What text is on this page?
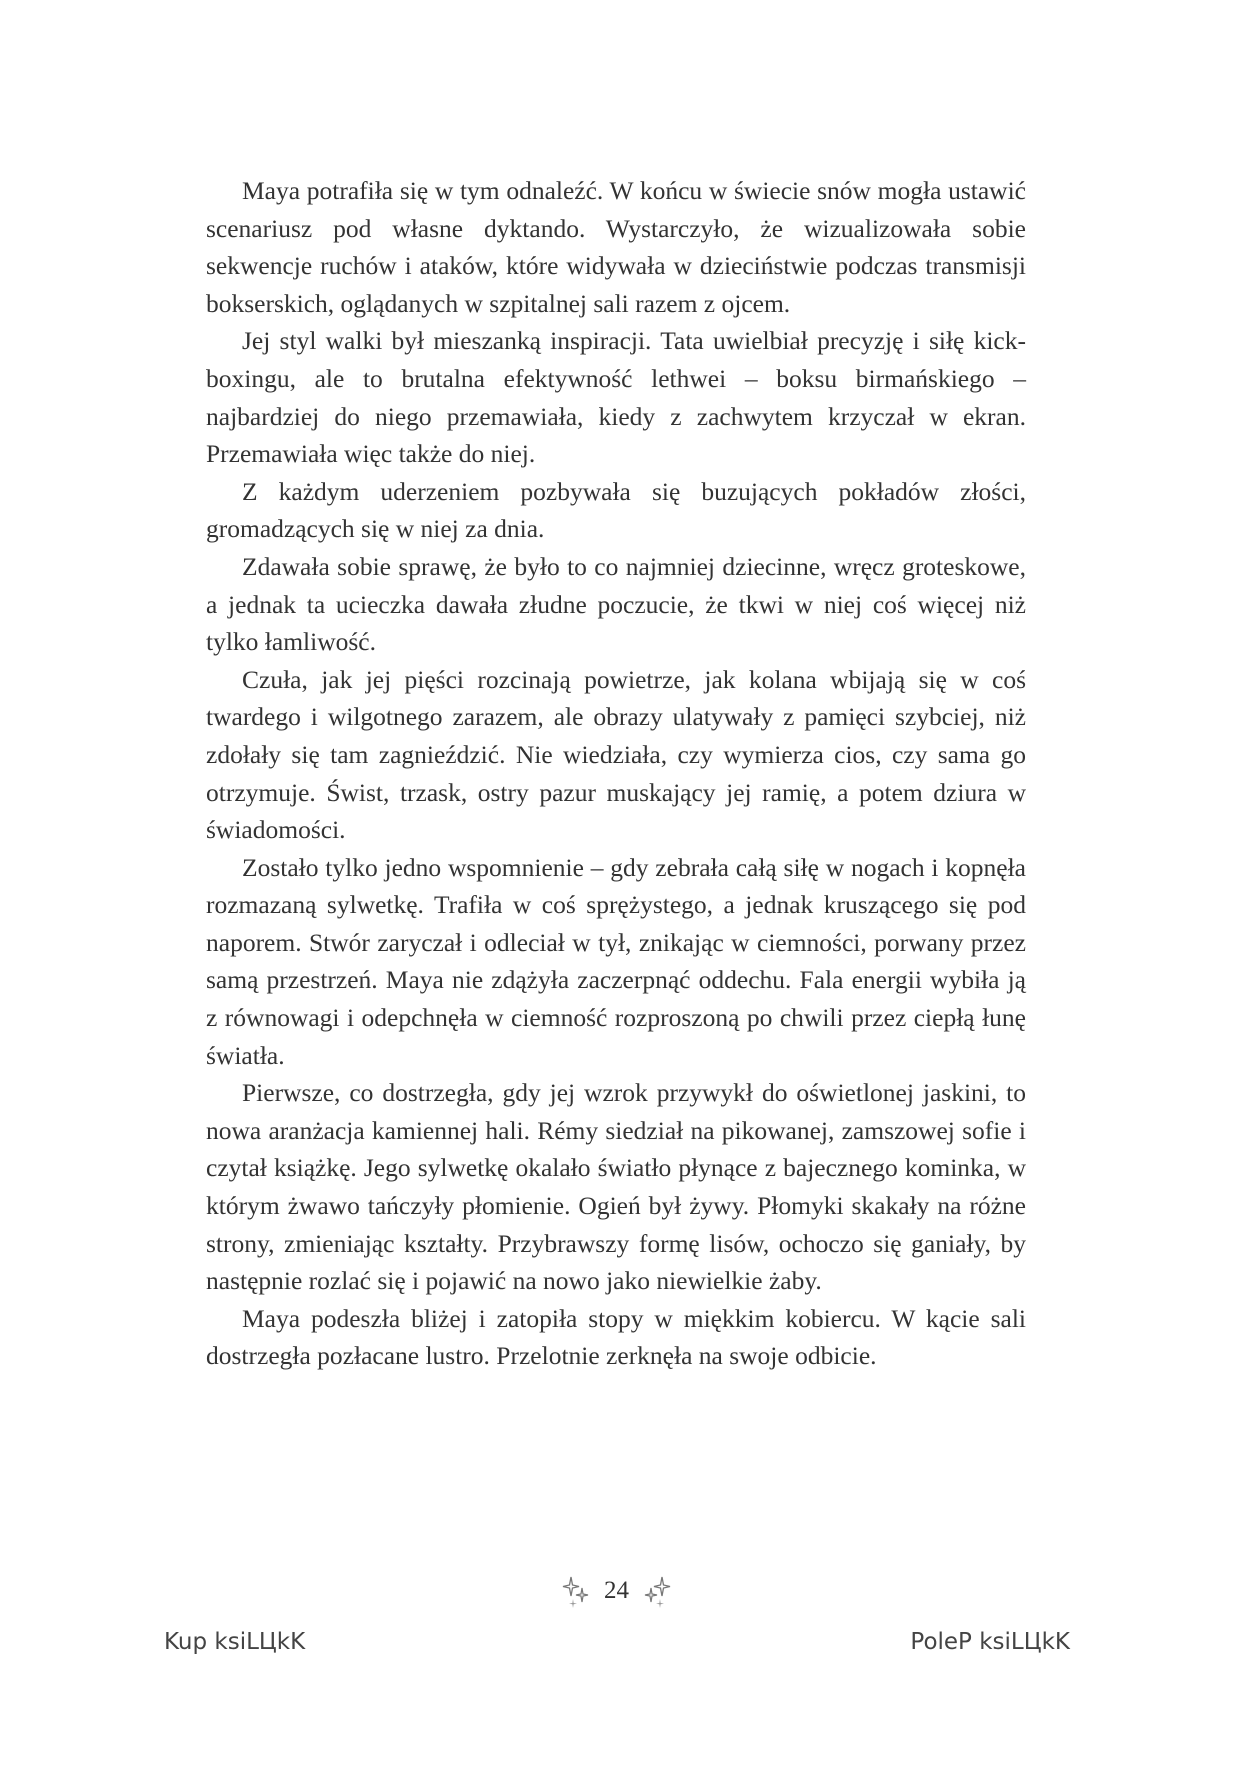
Maya potrafiła się w tym odnaleźć. W końcu w świecie snów mogła ustawić scenariusz pod własne dyktando. Wystarczyło, że wizualizowała sobie sekwencje ruchów i ataków, które widywała w dzieciństwie podczas transmisji bokserskich, oglądanych w szpitalnej sali razem z ojcem.

Jej styl walki był mieszanką inspiracji. Tata uwielbiał precyzję i siłę kick-boxingu, ale to brutalna efektywność lethwei – boksu birmańskiego – najbardziej do niego przemawiała, kiedy z zachwytem krzyczał w ekran. Przemawiała więc także do niej.

Z każdym uderzeniem pozbywała się buzujących pokładów złości, gromadzących się w niej za dnia.

Zdawała sobie sprawę, że było to co najmniej dziecinne, wręcz groteskowe, a jednak ta ucieczka dawała złudne poczucie, że tkwi w niej coś więcej niż tylko łamliwość.

Czuła, jak jej pięści rozcinają powietrze, jak kolana wbijają się w coś twardego i wilgotnego zarazem, ale obrazy ulatywały z pamięci szybciej, niż zdołały się tam zagnieździć. Nie wiedziała, czy wymierza cios, czy sama go otrzymuje. Świst, trzask, ostry pazur muskający jej ramię, a potem dziura w świadomości.

Zostało tylko jedno wspomnienie – gdy zebrała całą siłę w nogach i kopnęła rozmazaną sylwetkę. Trafiła w coś sprężystego, a jednak kruszącego się pod naporem. Stwór zaryczał i odleciał w tył, znikając w ciemności, porwany przez samą przestrzeń. Maya nie zdążyła zaczerpnąć oddechu. Fala energii wybiła ją z równowagi i odepchnęła w ciemność rozproszoną po chwili przez ciepłą łunę światła.

Pierwsze, co dostrzegła, gdy jej wzrok przywykł do oświetlonej jaskini, to nowa aranżacja kamiennej hali. Rémy siedział na pikowanej, zamszowej sofie i czytał książkę. Jego sylwetkę okalało światło płynące z bajecznego kominka, w którym żwawo tańczyły płomienie. Ogień był żywy. Płomyki skakały na różne strony, zmieniając kształty. Przybrawszy formę lisów, ochoczo się ganiały, by następnie rozlać się i pojawić na nowo jako niewielkie żaby.

Maya podeszła bliżej i zatopiła stopy w miękkim kobiercu. W kącie sali dostrzegła pozłacane lustro. Przelotnie zerknęła na swoje odbicie.

24
Kup ksiLЦkK	PoleP ksiLЦkK
